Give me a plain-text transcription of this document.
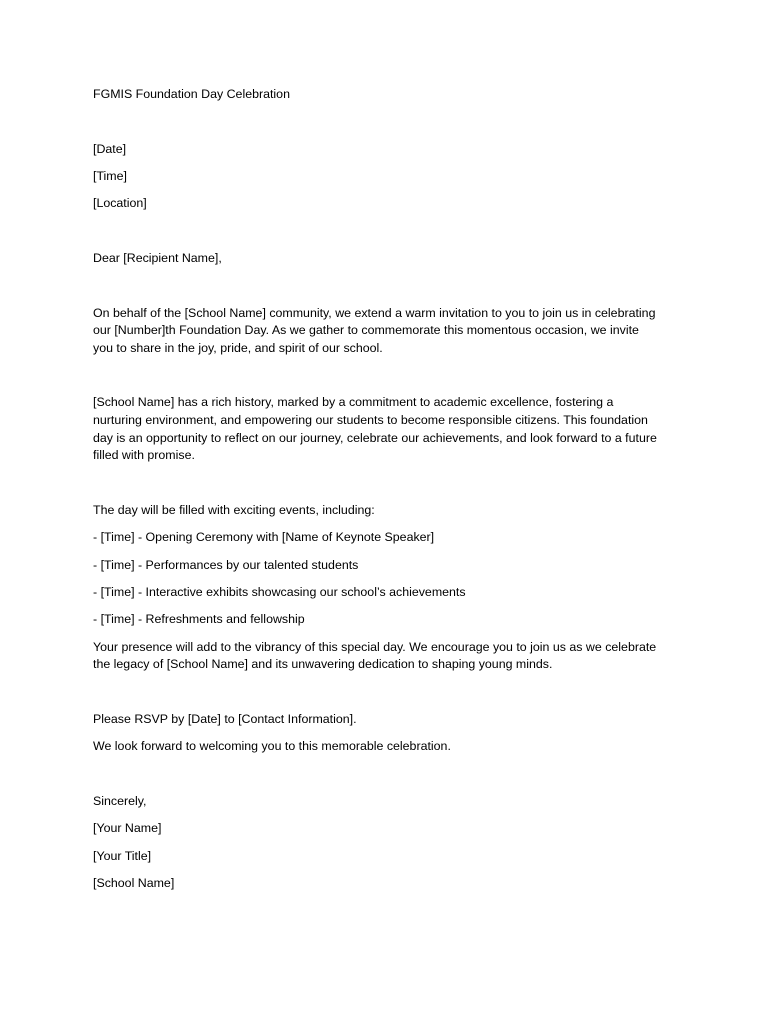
FGMIS Foundation Day Celebration

[Date]

[Time]

[Location]

Dear [Recipient Name],

On behalf of the [School Name] community, we extend a warm invitation to you to join us in celebrating our [Number]th Foundation Day. As we gather to commemorate this momentous occasion, we invite you to share in the joy, pride, and spirit of our school.

[School Name] has a rich history, marked by a commitment to academic excellence, fostering a nurturing environment, and empowering our students to become responsible citizens. This foundation day is an opportunity to reflect on our journey, celebrate our achievements, and look forward to a future filled with promise.

The day will be filled with exciting events, including:

- [Time] - Opening Ceremony with [Name of Keynote Speaker]

- [Time] - Performances by our talented students

- [Time] - Interactive exhibits showcasing our school’s achievements

- [Time] - Refreshments and fellowship

Your presence will add to the vibrancy of this special day. We encourage you to join us as we celebrate the legacy of [School Name] and its unwavering dedication to shaping young minds.

Please RSVP by [Date] to [Contact Information].

We look forward to welcoming you to this memorable celebration.

Sincerely,

[Your Name]

[Your Title]

[School Name]
